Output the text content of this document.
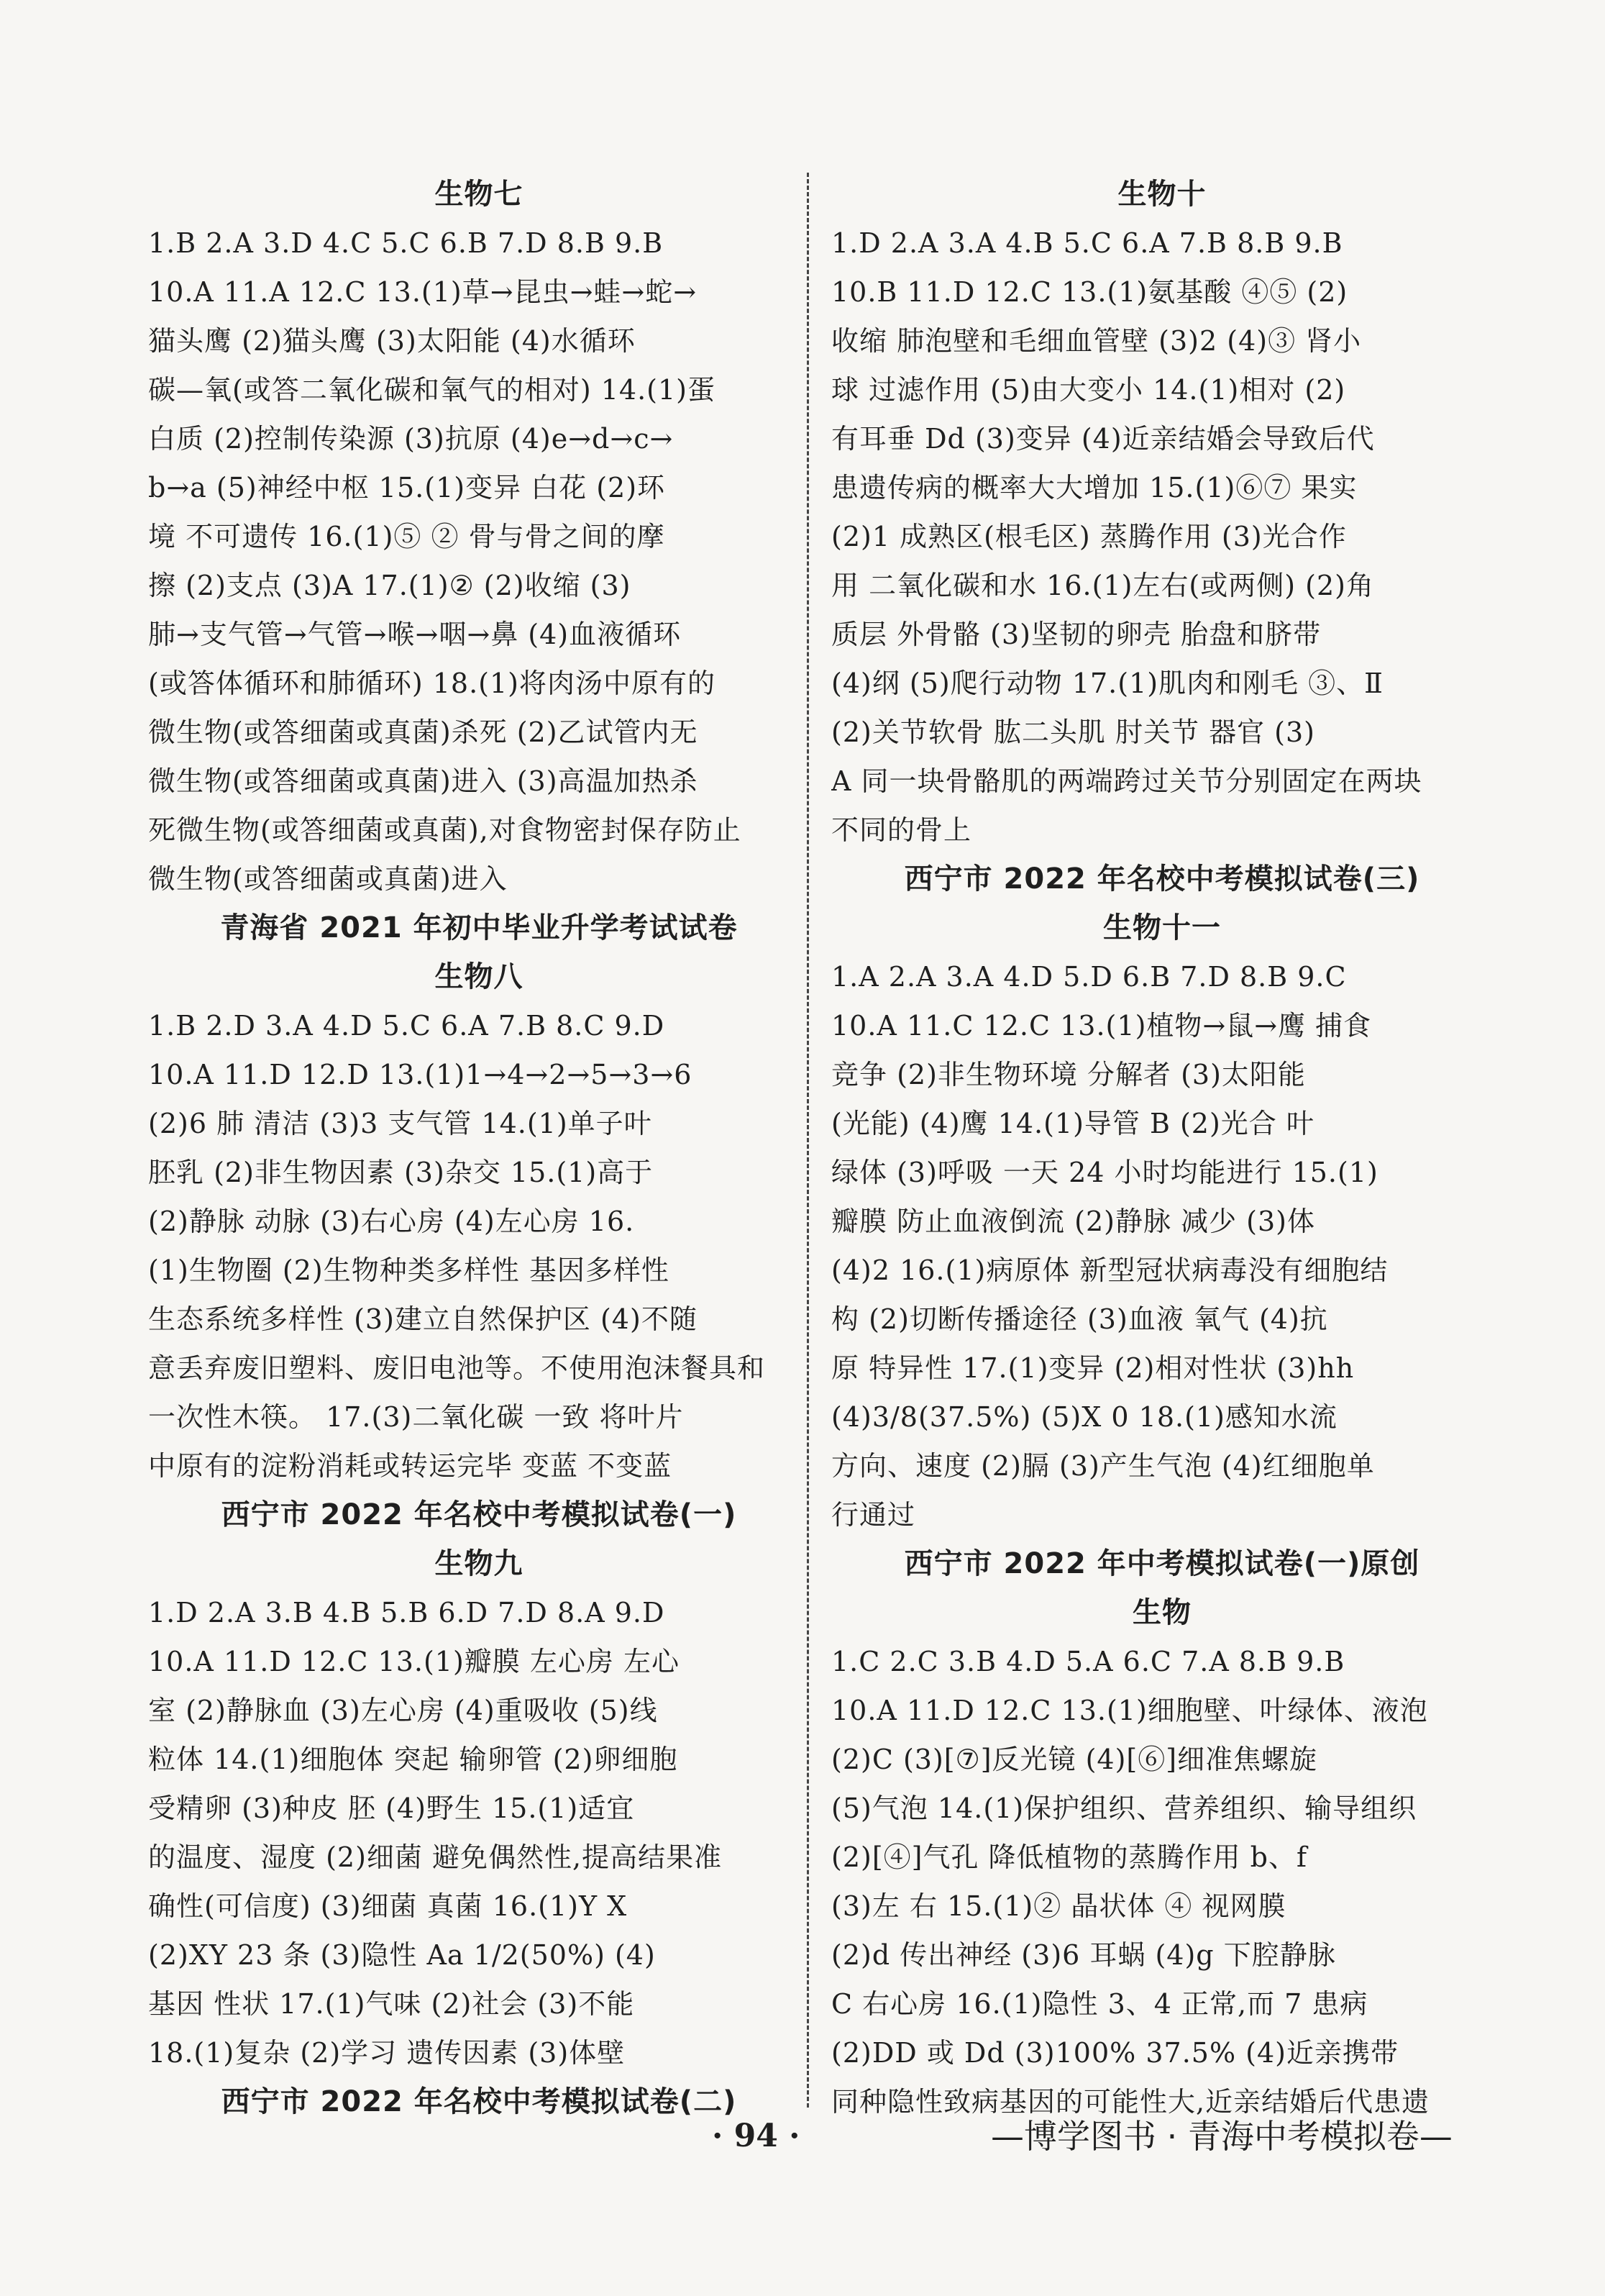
生物七
1.B 2.A 3.D 4.C 5.C 6.B 7.D 8.B 9.B
10.A 11.A 12.C 13.(1)草→昆虫→蛙→蛇→
猫头鹰 (2)猫头鹰 (3)太阳能 (4)水循环
碳—氧(或答二氧化碳和氧气的相对) 14.(1)蛋
白质 (2)控制传染源 (3)抗原 (4)e→d→c→
b→a (5)神经中枢 15.(1)变异 白花 (2)环
境 不可遗传 16.(1)⑤ ② 骨与骨之间的摩
擦 (2)支点 (3)A 17.(1)② (2)收缩 (3)
肺→支气管→气管→喉→咽→鼻 (4)血液循环
(或答体循环和肺循环) 18.(1)将肉汤中原有的
微生物(或答细菌或真菌)杀死 (2)乙试管内无
微生物(或答细菌或真菌)进入 (3)高温加热杀
死微生物(或答细菌或真菌),对食物密封保存防止
微生物(或答细菌或真菌)进入
青海省 2021 年初中毕业升学考试试卷
生物八
1.B 2.D 3.A 4.D 5.C 6.A 7.B 8.C 9.D
10.A 11.D 12.D 13.(1)1→4→2→5→3→6
(2)6 肺 清洁 (3)3 支气管 14.(1)单子叶
胚乳 (2)非生物因素 (3)杂交 15.(1)高于
(2)静脉 动脉 (3)右心房 (4)左心房 16.
(1)生物圈 (2)生物种类多样性 基因多样性
生态系统多样性 (3)建立自然保护区 (4)不随
意丢弃废旧塑料、废旧电池等。不使用泡沫餐具和
一次性木筷。 17.(3)二氧化碳 一致 将叶片
中原有的淀粉消耗或转运完毕 变蓝 不变蓝
西宁市 2022 年名校中考模拟试卷(一)
生物九
1.D 2.A 3.B 4.B 5.B 6.D 7.D 8.A 9.D
10.A 11.D 12.C 13.(1)瓣膜 左心房 左心
室 (2)静脉血 (3)左心房 (4)重吸收 (5)线
粒体 14.(1)细胞体 突起 输卵管 (2)卵细胞
受精卵 (3)种皮 胚 (4)野生 15.(1)适宜
的温度、湿度 (2)细菌 避免偶然性,提高结果准
确性(可信度) (3)细菌 真菌 16.(1)Y X
(2)XY 23 条 (3)隐性 Aa 1/2(50%) (4)
基因 性状 17.(1)气味 (2)社会 (3)不能
18.(1)复杂 (2)学习 遗传因素 (3)体壁
西宁市 2022 年名校中考模拟试卷(二)
生物十
1.D 2.A 3.A 4.B 5.C 6.A 7.B 8.B 9.B
10.B 11.D 12.C 13.(1)氨基酸 ④⑤ (2)
收缩 肺泡壁和毛细血管壁 (3)2 (4)③ 肾小
球 过滤作用 (5)由大变小 14.(1)相对 (2)
有耳垂 Dd (3)变异 (4)近亲结婚会导致后代
患遗传病的概率大大增加 15.(1)⑥⑦ 果实
(2)1 成熟区(根毛区) 蒸腾作用 (3)光合作
用 二氧化碳和水 16.(1)左右(或两侧) (2)角
质层 外骨骼 (3)坚韧的卵壳 胎盘和脐带
(4)纲 (5)爬行动物 17.(1)肌肉和刚毛 ③、Ⅱ
(2)关节软骨 肱二头肌 肘关节 器官 (3)
A 同一块骨骼肌的两端跨过关节分别固定在两块
不同的骨上
西宁市 2022 年名校中考模拟试卷(三)
生物十一
1.A 2.A 3.A 4.D 5.D 6.B 7.D 8.B 9.C
10.A 11.C 12.C 13.(1)植物→鼠→鹰 捕食
竞争 (2)非生物环境 分解者 (3)太阳能
(光能) (4)鹰 14.(1)导管 B (2)光合 叶
绿体 (3)呼吸 一天 24 小时均能进行 15.(1)
瓣膜 防止血液倒流 (2)静脉 减少 (3)体
(4)2 16.(1)病原体 新型冠状病毒没有细胞结
构 (2)切断传播途径 (3)血液 氧气 (4)抗
原 特异性 17.(1)变异 (2)相对性状 (3)hh
(4)3/8(37.5%) (5)X 0 18.(1)感知水流
方向、速度 (2)膈 (3)产生气泡 (4)红细胞单
行通过
西宁市 2022 年中考模拟试卷(一)原创
生物
1.C 2.C 3.B 4.D 5.A 6.C 7.A 8.B 9.B
10.A 11.D 12.C 13.(1)细胞壁、叶绿体、液泡
(2)C (3)[⑦]反光镜 (4)[⑥]细准焦螺旋
(5)气泡 14.(1)保护组织、营养组织、输导组织
(2)[④]气孔 降低植物的蒸腾作用 b、f
(3)左 右 15.(1)② 晶状体 ④ 视网膜
(2)d 传出神经 (3)6 耳蜗 (4)g 下腔静脉
C 右心房 16.(1)隐性 3、4 正常,而 7 患病
(2)DD 或 Dd (3)100% 37.5% (4)近亲携带
同种隐性致病基因的可能性大,近亲结婚后代患遗
· 94 ·	—博学图书 · 青海中考模拟卷—
